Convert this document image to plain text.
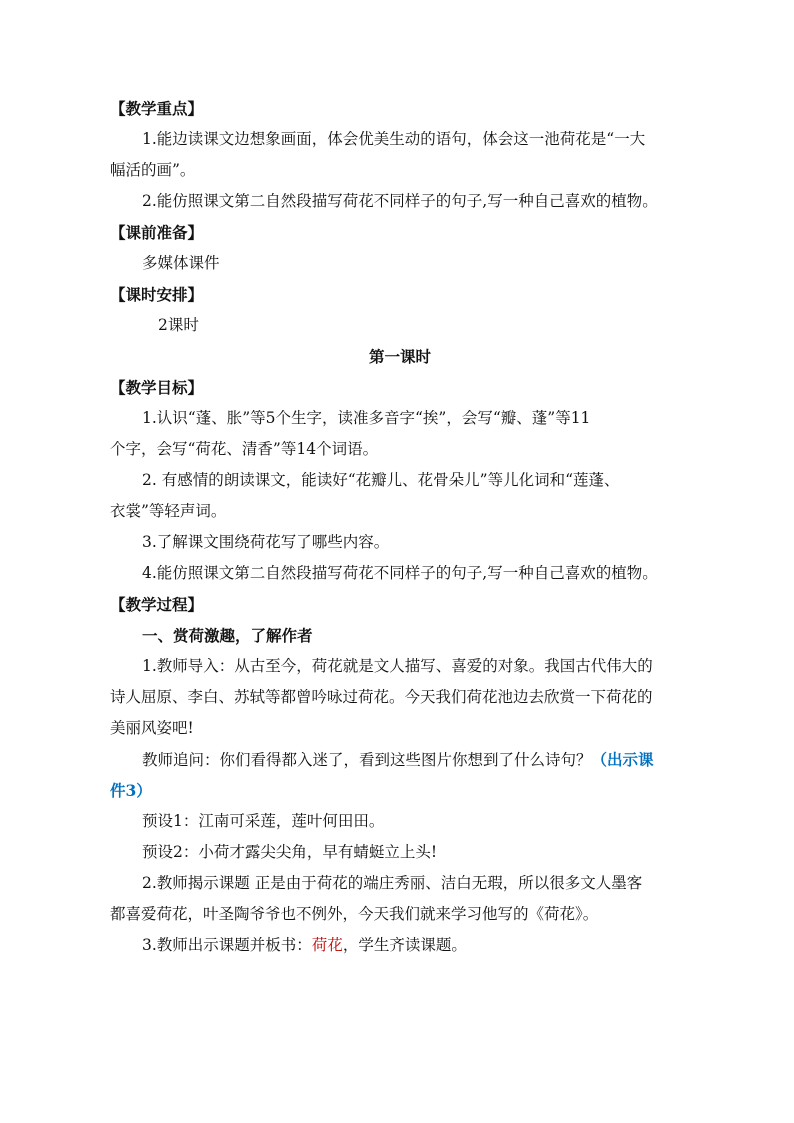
【教学重点】
1.能边读课文边想象画面，体会优美生动的语句，体会这一池荷花是“一大
幅活的画”。
2.能仿照课文第二自然段描写荷花不同样子的句子,写一种自己喜欢的植物。
【课前准备】
多媒体课件
【课时安排】
2课时
第一课时
【教学目标】
1.认识“蓬、胀”等5个生字，读准多音字“挨”，会写“瓣、蓬”等11
个字，会写“荷花、清香”等14个词语。
2. 有感情的朗读课文，能读好“花瓣儿、花骨朵儿”等儿化词和“莲蓬、
衣裳”等轻声词。
3.了解课文围绕荷花写了哪些内容。
4.能仿照课文第二自然段描写荷花不同样子的句子,写一种自己喜欢的植物。
【教学过程】
一、赏荷激趣，了解作者
1.教师导入：从古至今，荷花就是文人描写、喜爱的对象。我国古代伟大的
诗人屈原、李白、苏轼等都曾吟咏过荷花。今天我们荷花池边去欣赏一下荷花的
美丽风姿吧!
教师追问：你们看得都入迷了，看到这些图片你想到了什么诗句？（出示课
件3）
预设1：江南可采莲，莲叶何田田。
预设2：小荷才露尖尖角，早有蜻蜓立上头!
2.教师揭示课题 正是由于荷花的端庄秀丽、洁白无瑕，所以很多文人墨客
都喜爱荷花，叶圣陶爷爷也不例外，今天我们就来学习他写的《荷花》。
3.教师出示课题并板书：荷花，学生齐读课题。
